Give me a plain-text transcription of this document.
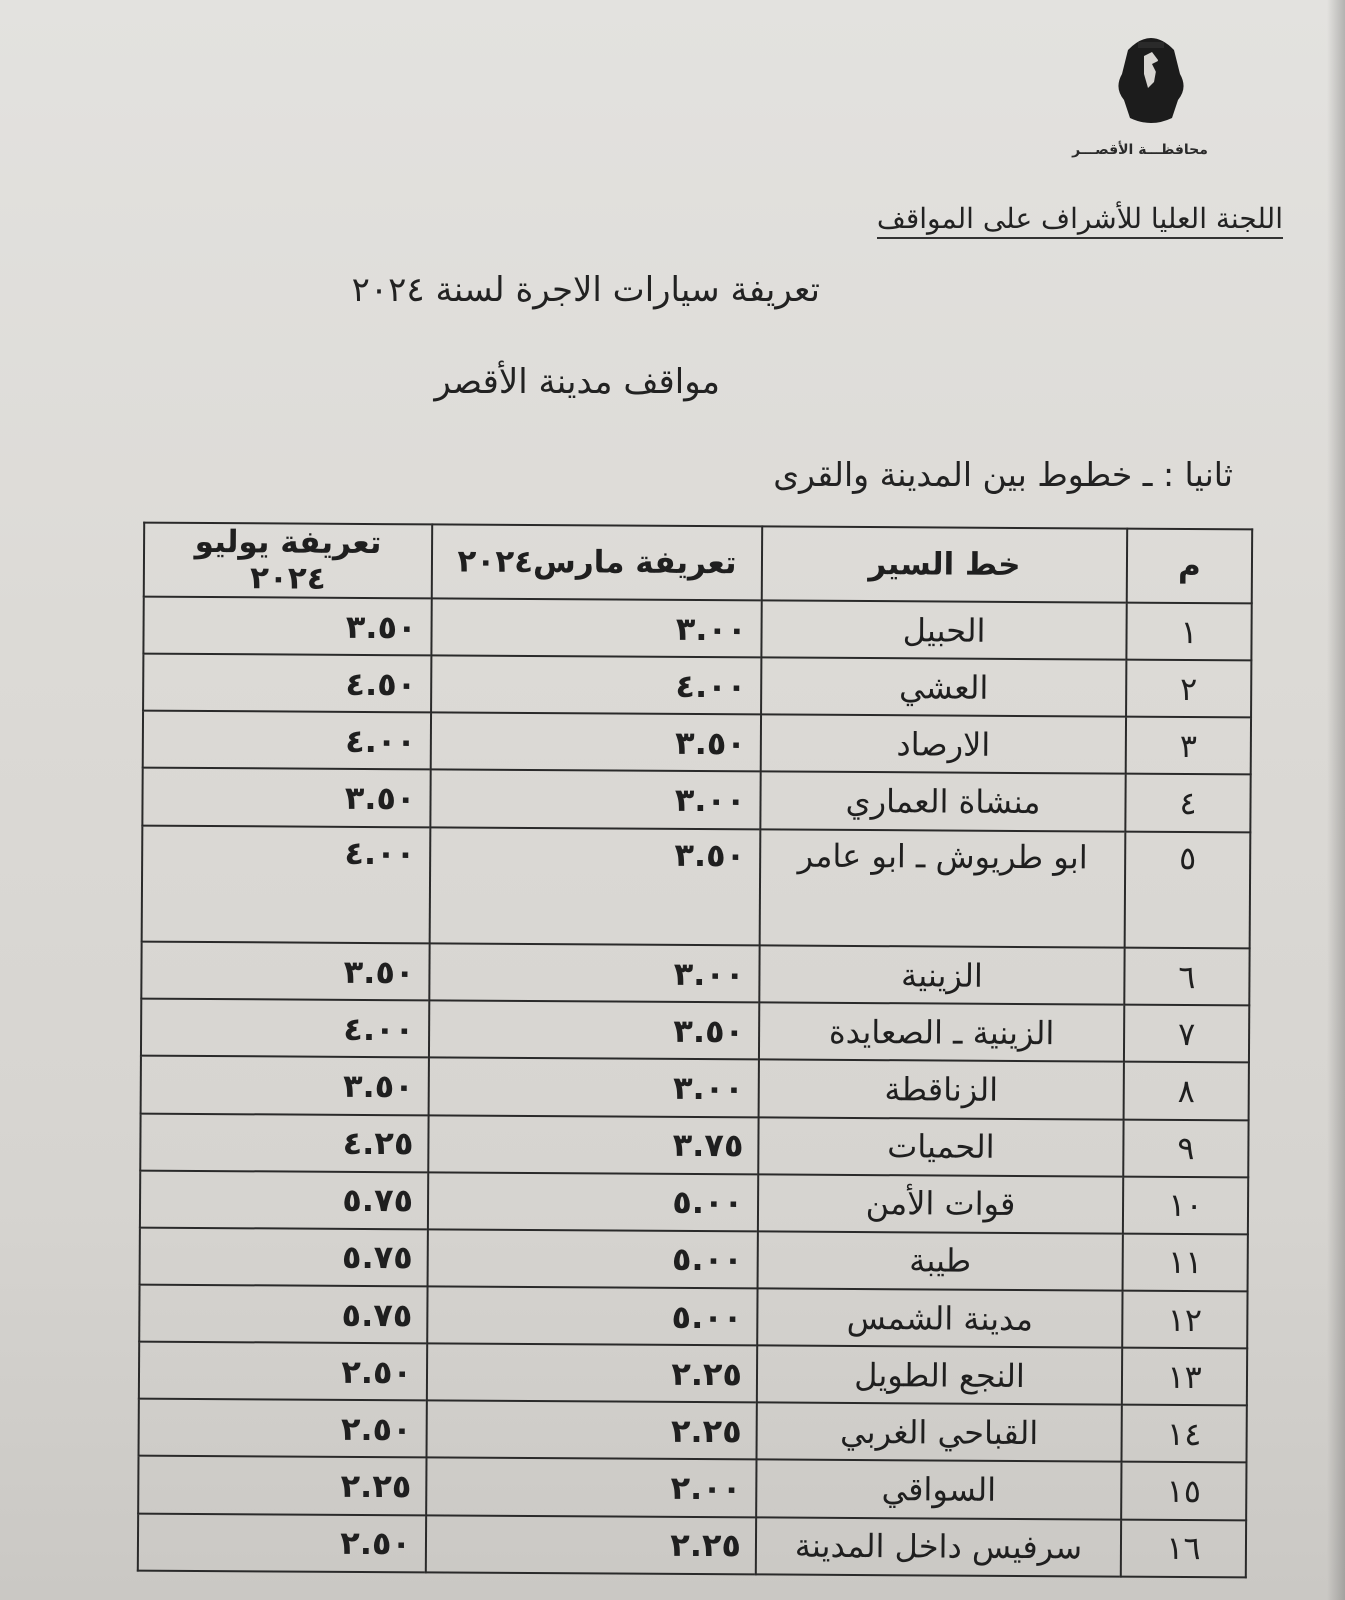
محافظـــة الأقصـــر
اللجنة العليا للأشراف على المواقف
تعريفة سيارات الاجرة لسنة ٢٠٢٤
مواقف مدينة الأقصر
ثانيا : ـ خطوط بين المدينة والقرى
م	خط السير	تعريفة مارس٢٠٢٤	تعريفة يوليو ٢٠٢٤
١	الحبيل	٣.٠٠	٣.٥٠
٢	العشي	٤.٠٠	٤.٥٠
٣	الارصاد	٣.٥٠	٤.٠٠
٤	منشاة العماري	٣.٠٠	٣.٥٠
٥	ابو طريوش ـ ابو عامر	٣.٥٠	٤.٠٠
٦	الزينية	٣.٠٠	٣.٥٠
٧	الزينية ـ الصعايدة	٣.٥٠	٤.٠٠
٨	الزناقطة	٣.٠٠	٣.٥٠
٩	الحميات	٣.٧٥	٤.٢٥
١٠	قوات الأمن	٥.٠٠	٥.٧٥
١١	طيبة	٥.٠٠	٥.٧٥
١٢	مدينة الشمس	٥.٠٠	٥.٧٥
١٣	النجع الطويل	٢.٢٥	٢.٥٠
١٤	القباحي الغربي	٢.٢٥	٢.٥٠
١٥	السواقي	٢.٠٠	٢.٢٥
١٦	سرفيس داخل المدينة	٢.٢٥	٢.٥٠
